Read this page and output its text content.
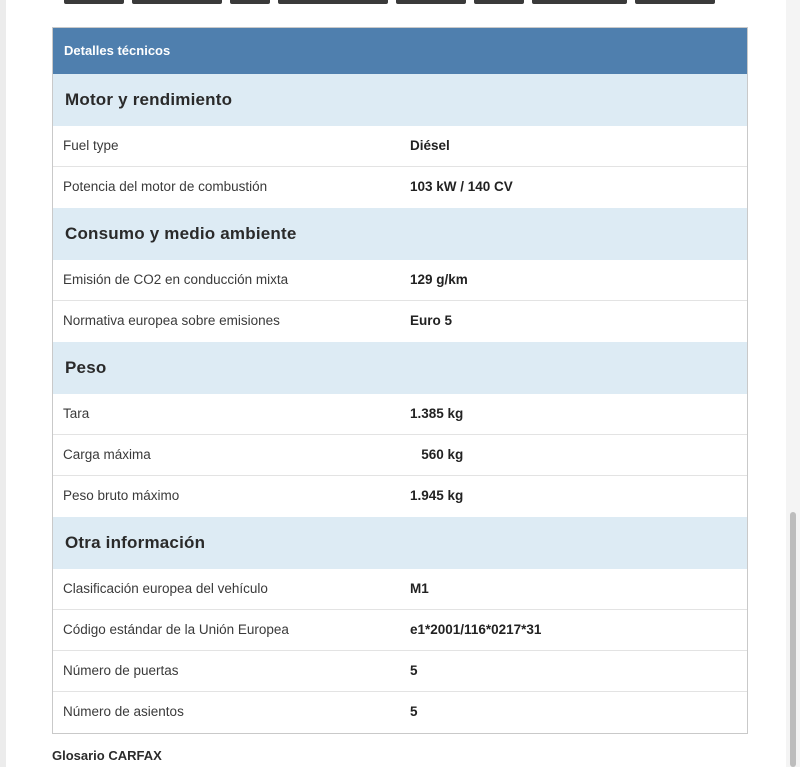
Detalles técnicos
Motor y rendimiento
Fuel type	Diésel
Potencia del motor de combustión	103 kW / 140 CV
Consumo y medio ambiente
Emisión de CO2 en conducción mixta	129 g/km
Normativa europea sobre emisiones	Euro 5
Peso
Tara	1.385 kg
Carga máxima	560 kg
Peso bruto máximo	1.945 kg
Otra información
Clasificación europea del vehículo	M1
Código estándar de la Unión Europea	e1*2001/116*0217*31
Número de puertas	5
Número de asientos	5
Glosario CARFAX
